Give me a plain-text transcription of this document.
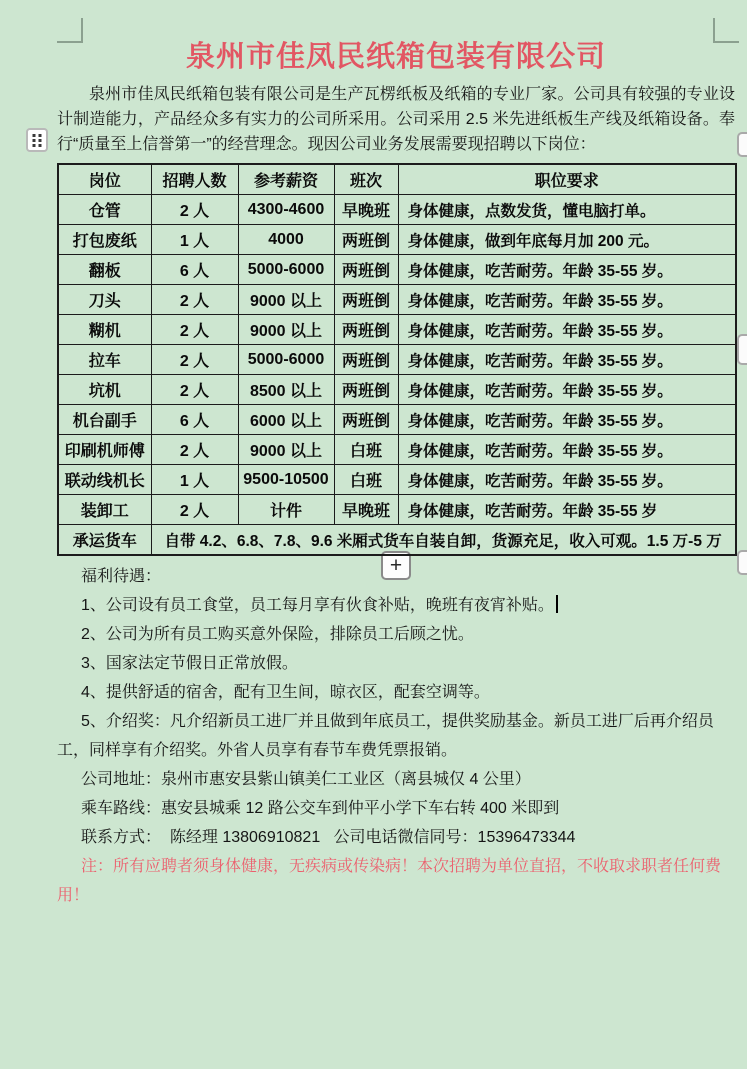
+
泉州市佳凤民纸箱包装有限公司
泉州市佳凤民纸箱包装有限公司是生产瓦楞纸板及纸箱的专业厂家。公司具有较强的专业设计制造能力，产品经众多有实力的公司所采用。公司采用 2.5 米先进纸板生产线及纸箱设备。奉行“质量至上信誉第一”的经营理念。现因公司业务发展需要现招聘以下岗位：
岗位	招聘人数	参考薪资	班次	职位要求
仓管	2 人	4300-4600	早晚班	身体健康，点数发货，懂电脑打单。
打包废纸	1 人	4000	两班倒	身体健康，做到年底每月加 200 元。
翻板	6 人	5000-6000	两班倒	身体健康，吃苦耐劳。年龄 35-55 岁。
刀头	2 人	9000 以上	两班倒	身体健康，吃苦耐劳。年龄 35-55 岁。
糊机	2 人	9000 以上	两班倒	身体健康，吃苦耐劳。年龄 35-55 岁。
拉车	2 人	5000-6000	两班倒	身体健康，吃苦耐劳。年龄 35-55 岁。
坑机	2 人	8500 以上	两班倒	身体健康，吃苦耐劳。年龄 35-55 岁。
机台副手	6 人	6000 以上	两班倒	身体健康，吃苦耐劳。年龄 35-55 岁。
印刷机师傅	2 人	9000 以上	白班	身体健康，吃苦耐劳。年龄 35-55 岁。
联动线机长	1 人	9500-10500	白班	身体健康，吃苦耐劳。年龄 35-55 岁。
装卸工	2 人	计件	早晚班	身体健康，吃苦耐劳。年龄 35-55 岁
承运货车	自带 4.2、6.8、7.8、9.6 米厢式货车自装自卸，货源充足，收入可观。1.5 万-5 万			

福利待遇：

1、公司设有员工食堂，员工每月享有伙食补贴，晚班有夜宵补贴。

2、公司为所有员工购买意外保险，排除员工后顾之忧。

3、国家法定节假日正常放假。

4、提供舒适的宿舍，配有卫生间，晾衣区，配套空调等。

5、介绍奖：凡介绍新员工进厂并且做到年底员工，提供奖励基金。新员工进厂后再介绍员工，同样享有介绍奖。外省人员享有春节车费凭票报销。

公司地址：泉州市惠安县紫山镇美仁工业区（离县城仅 4 公里）

乘车路线：惠安县城乘 12 路公交车到仲平小学下车右转 400 米即到

联系方式：  陈经理 13806910821   公司电话微信同号：15396473344

注：所有应聘者须身体健康，无疾病或传染病！本次招聘为单位直招，不收取求职者任何费用！
